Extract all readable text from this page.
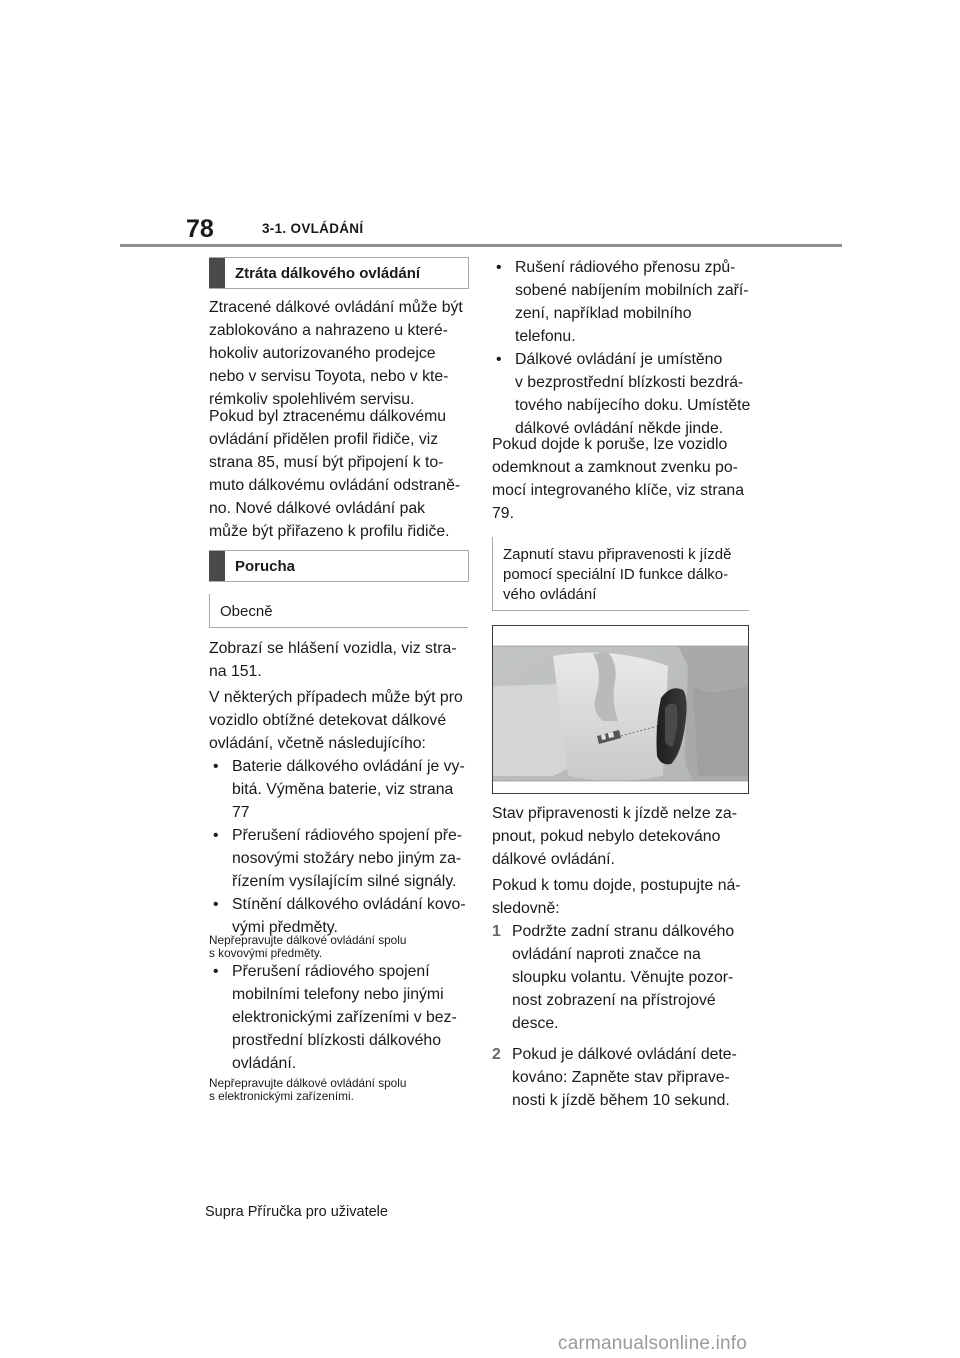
78	3-1. OVLÁDÁNÍ
Ztráta dálkového ovládání

Ztracené dálkové ovládání může být

zablokováno a nahrazeno u které-

hokoliv autorizovaného prodejce

nebo v servisu Toyota, nebo v kte-

rémkoliv spolehlivém servisu.

Pokud byl ztracenému dálkovému

ovládání přidělen profil řidiče, viz

strana 85, musí být připojení k to-

muto dálkovému ovládání odstraně-

no. Nové dálkové ovládání pak

může být přiřazeno k profilu řidiče.

Porucha
Obecně

Zobrazí se hlášení vozidla, viz stra-

na 151.

V některých případech může být pro

vozidlo obtížné detekovat dálkové

ovládání, včetně následujícího:

• Baterie dálkového ovládání je vy-

bitá. Výměna baterie, viz strana

77

• Přerušení rádiového spojení pře-

nosovými stožáry nebo jiným za-

řízením vysílajícím silné signály.

• Stínění dálkového ovládání kovo-

vými předměty.

Nepřepravujte dálkové ovládání spolu
s kovovými předměty.

• Přerušení rádiového spojení

mobilními telefony nebo jinými

elektronickými zařízeními v bez-

prostřední blízkosti dálkového

ovládání.

Nepřepravujte dálkové ovládání spolu
s elektronickými zařízeními.

• Rušení rádiového přenosu způ-

sobené nabíjením mobilních zaří-

zení, například mobilního

telefonu.

• Dálkové ovládání je umístěno

v bezprostřední blízkosti bezdrá-

tového nabíjecího doku. Umístěte

dálkové ovládání někde jinde.

Pokud dojde k poruše, lze vozidlo

odemknout a zamknout zvenku po-

mocí integrovaného klíče, viz strana

79.

Zapnutí stavu připravenosti k jízdě
pomocí speciální ID funkce dálko-
vého ovládání

Stav připravenosti k jízdě nelze za-

pnout, pokud nebylo detekováno

dálkové ovládání.

Pokud k tomu dojde, postupujte ná-

sledovně:

1 Podržte zadní stranu dálkového

ovládání naproti značce na

sloupku volantu. Věnujte pozor-

nost zobrazení na přístrojové

desce.

2 Pokud je dálkové ovládání dete-

kováno: Zapněte stav připrave-

nosti k jízdě během 10 sekund.

Supra Příručka pro uživatele
carmanualsonline.info
